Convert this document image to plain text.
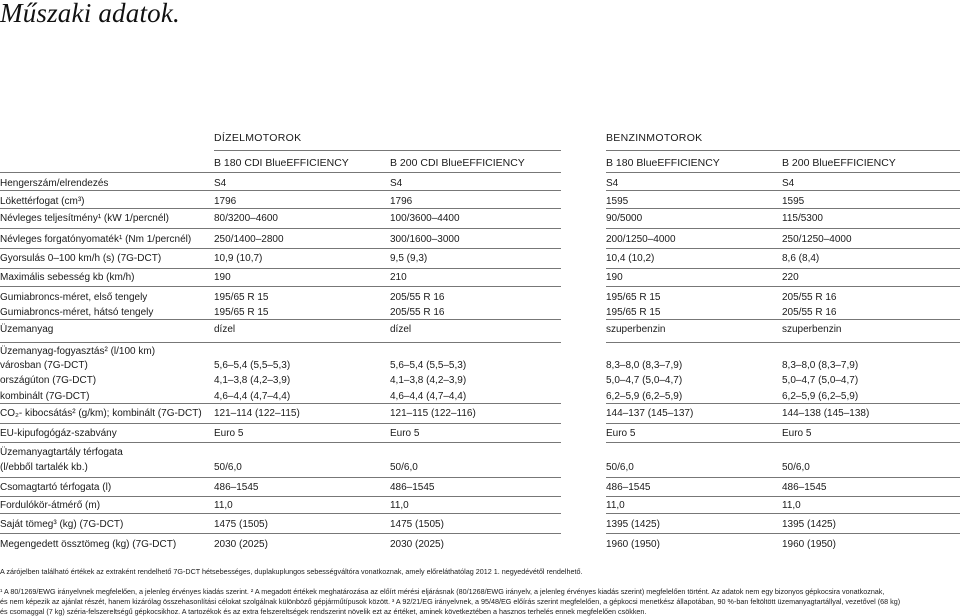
Műszaki adatok.
DÍZELMOTOROK	BENZINMOTOROK
B 180 CDI BlueEFFICIENCY	B 200 CDI BlueEFFICIENCY	B 180 BlueEFFICIENCY	B 200 BlueEFFICIENCY
Hengerszám/elrendezés	S4	S4	S4	S4
Lökettérfogat (cm³)	1796	1796	1595	1595
Névleges teljesítmény¹ (kW 1/percnél)	80/3200–4600	100/3600–4400	90/5000	115/5300
Névleges forgatónyomaték¹ (Nm 1/percnél) 250/1400–2800	300/1600–3000	200/1250–4000	250/1250–4000
Gyorsulás 0–100 km/h (s) (7G-DCT)	10,9 (10,7)	9,5 (9,3)	10,4 (10,2)	8,6 (8,4)
Maximális sebesség kb (km/h)	190	210	190	220
Gumiabroncs-méret, első tengely	195/65 R 15	205/55 R 16	195/65 R 15	205/55 R 16
Gumiabroncs-méret, hátsó tengely	195/65 R 15	205/55 R 16	195/65 R 15	205/55 R 16
Üzemanyag	dízel	dízel	szuperbenzin	szuperbenzin
Üzemanyag-fogyasztás² (l/100 km)
városban (7G-DCT)	5,6–5,4 (5,5–5,3)	5,6–5,4 (5,5–5,3)	8,3–8,0 (8,3–7,9)	8,3–8,0 (8,3–7,9)
országúton (7G-DCT)	4,1–3,8 (4,2–3,9)	4,1–3,8 (4,2–3,9)	5,0–4,7 (5,0–4,7)	5,0–4,7 (5,0–4,7)
kombinált (7G-DCT)	4,6–4,4 (4,7–4,4)	4,6–4,4 (4,7–4,4)	6,2–5,9 (6,2–5,9)	6,2–5,9 (6,2–5,9)
CO₂- kibocsátás² (g/km); kombinált (7G-DCT) 121–114 (122–115)	121–115 (122–116)	144–137 (145–137)	144–138 (145–138)
EU-kipufogógáz-szabvány	Euro 5	Euro 5	Euro 5	Euro 5
Üzemanyagtartály térfogata
(l/ebből tartalék kb.)	50/6,0	50/6,0	50/6,0	50/6,0
Csomagtartó térfogata (l)	486–1545	486–1545	486–1545	486–1545
Fordulókör-átmérő (m)	11,0	11,0	11,0	11,0
Saját tömeg³ (kg) (7G-DCT)	1475 (1505)	1475 (1505)	1395 (1425)	1395 (1425)
Megengedett össztömeg (kg) (7G-DCT)	2030 (2025)	2030 (2025)	1960 (1950)	1960 (1950)
A zárójelben található értékek az extraként rendelhető 7G-DCT hétsebességes, duplakuplungos sebességváltóra vonatkoznak, amely előreláthatólag 2012 1. negyedévétől rendelhető.
¹ A 80/1269/EWG irányelvnek megfelelően, a jelenleg érvényes kiadás szerint. ² A megadott értékek meghatározása az előírt mérési eljárásnak (80/1268/EWG irányelv, a jelenleg érvényes kiadás szerint) megfelelően történt. Az adatok nem egy bizonyos gépkocsira vonatkoznak,
és nem képezik az ajánlat részét, hanem kizárólag összehasonlítási célokat szolgálnak különböző gépjárműtípusok között. ³ A 92/21/EG irányelvnek, a 95/48/EG előírás szerint megfelelően, a gépkocsi menetkész állapotában, 90 %-ban feltöltött üzemanyagtartállyal, vezetővel (68 kg)
és csomaggal (7 kg) széria-felszereltségű gépkocsikhoz. A tartozékok és az extra felszereltségek rendszerint növelik ezt az értéket, aminek következtében a hasznos terhelés ennek megfelelően csökken.
